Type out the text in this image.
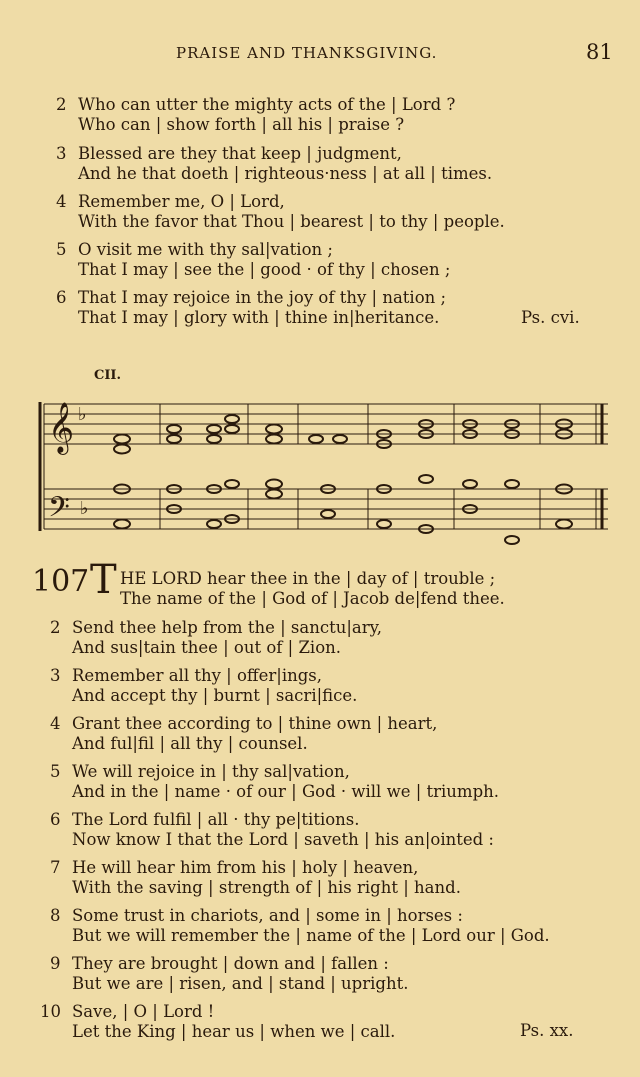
PRAISE AND THANKSGIVING.	81
2 Who can utter the mighty acts of the | Lord ?
Who can | show forth | all his | praise ?
3 Blessed are they that keep | judgment,
And he that doeth | righteous·ness | at all | times.
4 Remember me, O | Lord,
With the favor that Thou | bearest | to thy | people.
5 O visit me with thy sal|vation ;
That I may | see the | good · of thy | chosen ;
6 That I may rejoice in the joy of thy | nation ;
That I may | glory with | thine in|heritance.	Ps. cvi.
CII.
𝄞 ♭
𝄢 ♭
107 T HE LORD hear thee in the | day of | trouble ;
The name of the | God of | Jacob de|fend thee.
2 Send thee help from the | sanctu|ary,
And sus|tain thee | out of | Zion.
3 Remember all thy | offer|ings,
And accept thy | burnt | sacri|fice.
4 Grant thee according to | thine own | heart,
And ful|fil | all thy | counsel.
5 We will rejoice in | thy sal|vation,
And in the | name · of our | God · will we | triumph.
6 The Lord fulfil | all · thy pe|titions.
Now know I that the Lord | saveth | his an|ointed :
7 He will hear him from his | holy | heaven,
With the saving | strength of | his right | hand.
8 Some trust in chariots, and | some in | horses :
But we will remember the | name of the | Lord our | God.
9 They are brought | down and | fallen :
But we are | risen, and | stand | upright.
10 Save, | O | Lord !
Let the King | hear us | when we | call.	Ps. xx.
